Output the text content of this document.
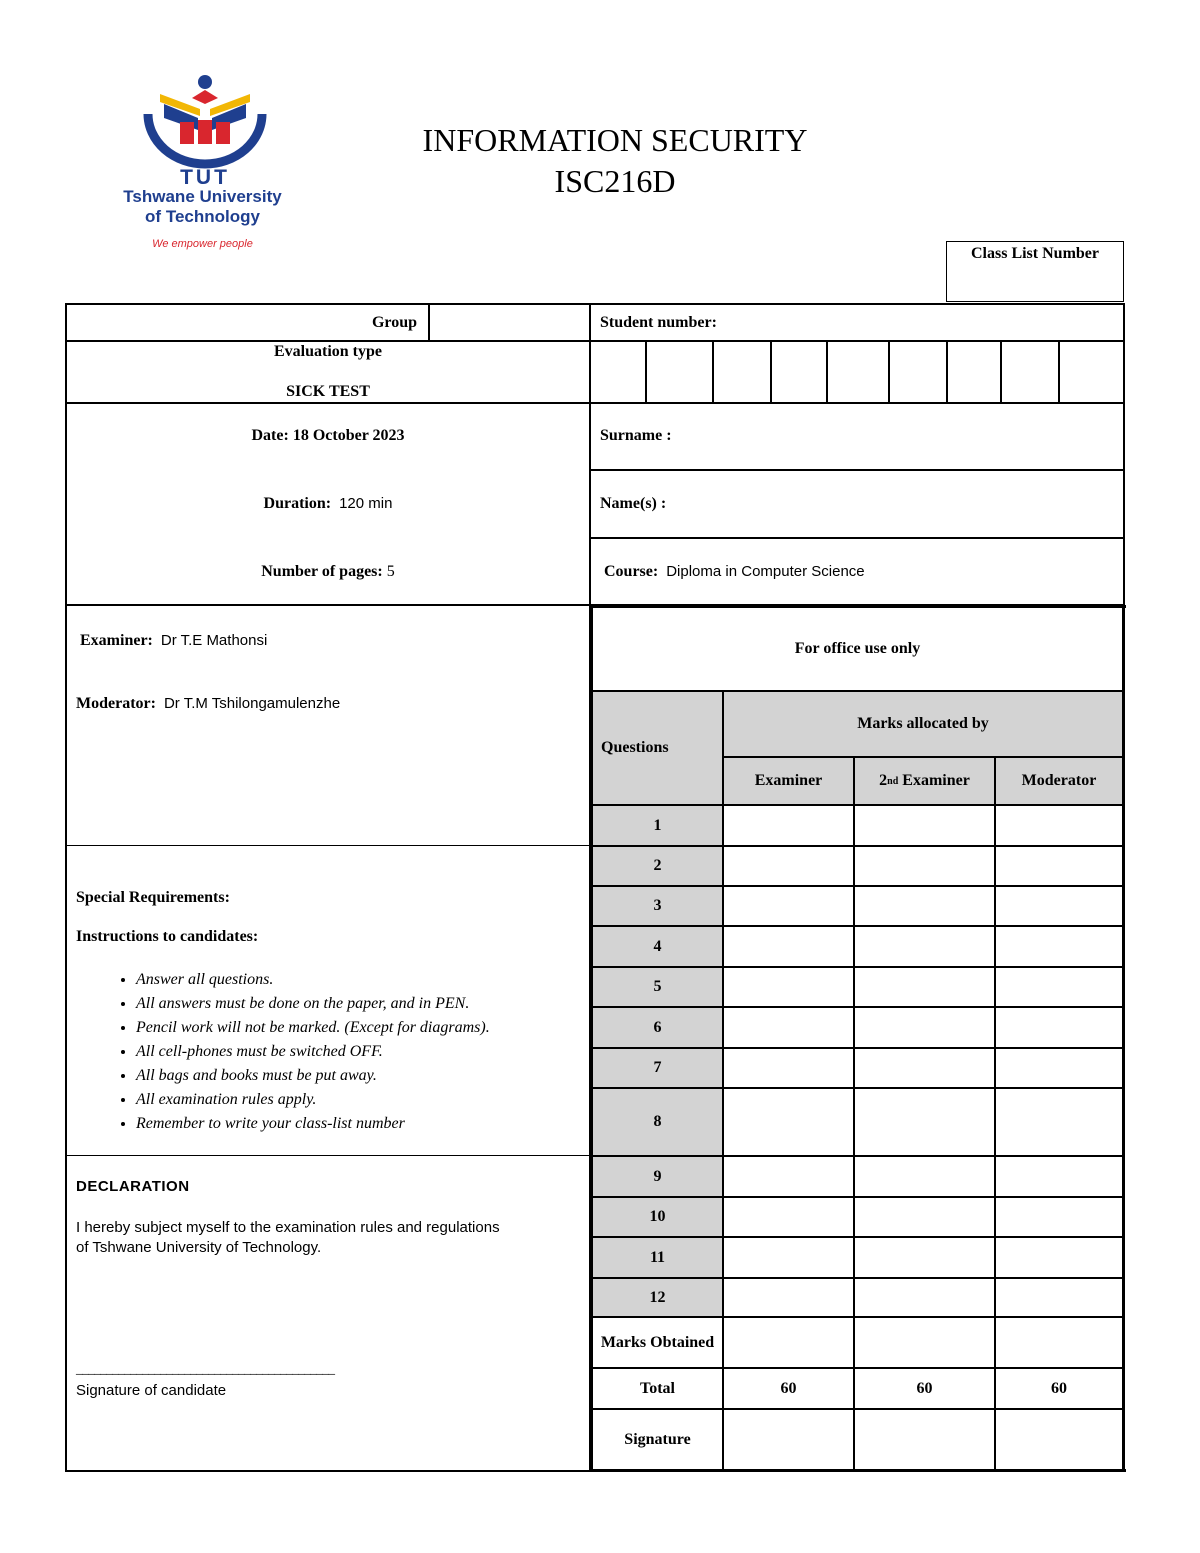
TUT
Tshwane University
of Technology
We empower people
INFORMATION SECURITY
ISC216D
Class List Number
Group	Student number:
Evaluation type
SICK TEST
Date: 18 October 2023
Duration: 120 min
Number of pages: 5
Surname :
Name(s) :
Course: Diploma in Computer Science
Examiner: Dr T.E Mathonsi
Moderator: Dr T.M Tshilongamulenzhe
Special Requirements:
Instructions to candidates:
• Answer all questions.
• All answers must be done on the paper, and in PEN.
• Pencil work will not be marked. (Except for diagrams).
• All cell-phones must be switched OFF.
• All bags and books must be put away.
• All examination rules apply.
• Remember to write your class-list number
DECLARATION
I hereby subject myself to the examination rules and regulations
of Tshwane University of Technology.
___________________________________________
Signature of candidate
For office use only
Questions
Marks allocated by
Examiner	2 nd Examiner	Moderator
1
2
3
4
5
6
7
8
9
10
11
12
Marks Obtained
Total	60	60	60
Signature
